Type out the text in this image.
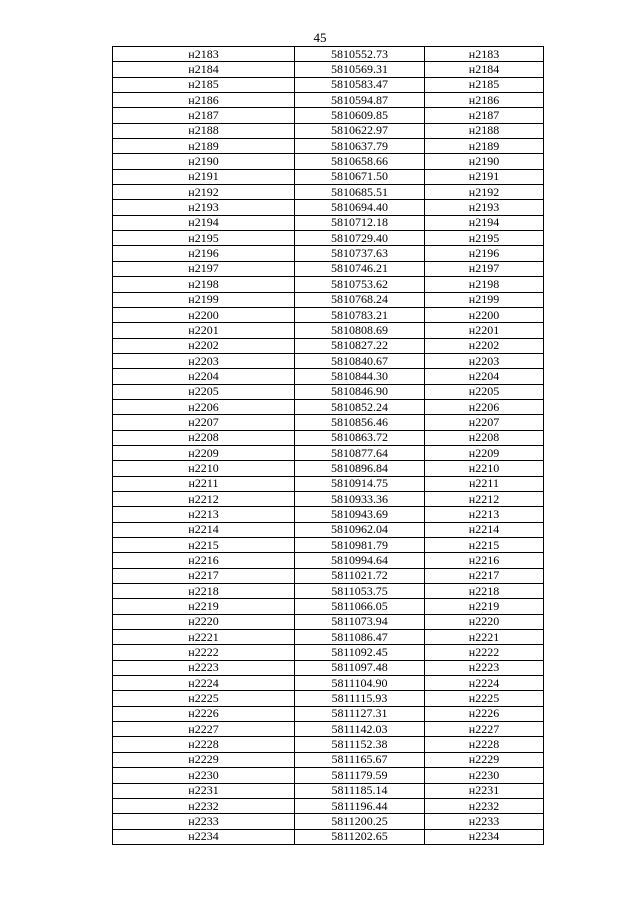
45
н2183	5810552.73	н2183
н2184	5810569.31	н2184
н2185	5810583.47	н2185
н2186	5810594.87	н2186
н2187	5810609.85	н2187
н2188	5810622.97	н2188
н2189	5810637.79	н2189
н2190	5810658.66	н2190
н2191	5810671.50	н2191
н2192	5810685.51	н2192
н2193	5810694.40	н2193
н2194	5810712.18	н2194
н2195	5810729.40	н2195
н2196	5810737.63	н2196
н2197	5810746.21	н2197
н2198	5810753.62	н2198
н2199	5810768.24	н2199
н2200	5810783.21	н2200
н2201	5810808.69	н2201
н2202	5810827.22	н2202
н2203	5810840.67	н2203
н2204	5810844.30	н2204
н2205	5810846.90	н2205
н2206	5810852.24	н2206
н2207	5810856.46	н2207
н2208	5810863.72	н2208
н2209	5810877.64	н2209
н2210	5810896.84	н2210
н2211	5810914.75	н2211
н2212	5810933.36	н2212
н2213	5810943.69	н2213
н2214	5810962.04	н2214
н2215	5810981.79	н2215
н2216	5810994.64	н2216
н2217	5811021.72	н2217
н2218	5811053.75	н2218
н2219	5811066.05	н2219
н2220	5811073.94	н2220
н2221	5811086.47	н2221
н2222	5811092.45	н2222
н2223	5811097.48	н2223
н2224	5811104.90	н2224
н2225	5811115.93	н2225
н2226	5811127.31	н2226
н2227	5811142.03	н2227
н2228	5811152.38	н2228
н2229	5811165.67	н2229
н2230	5811179.59	н2230
н2231	5811185.14	н2231
н2232	5811196.44	н2232
н2233	5811200.25	н2233
н2234	5811202.65	н2234
